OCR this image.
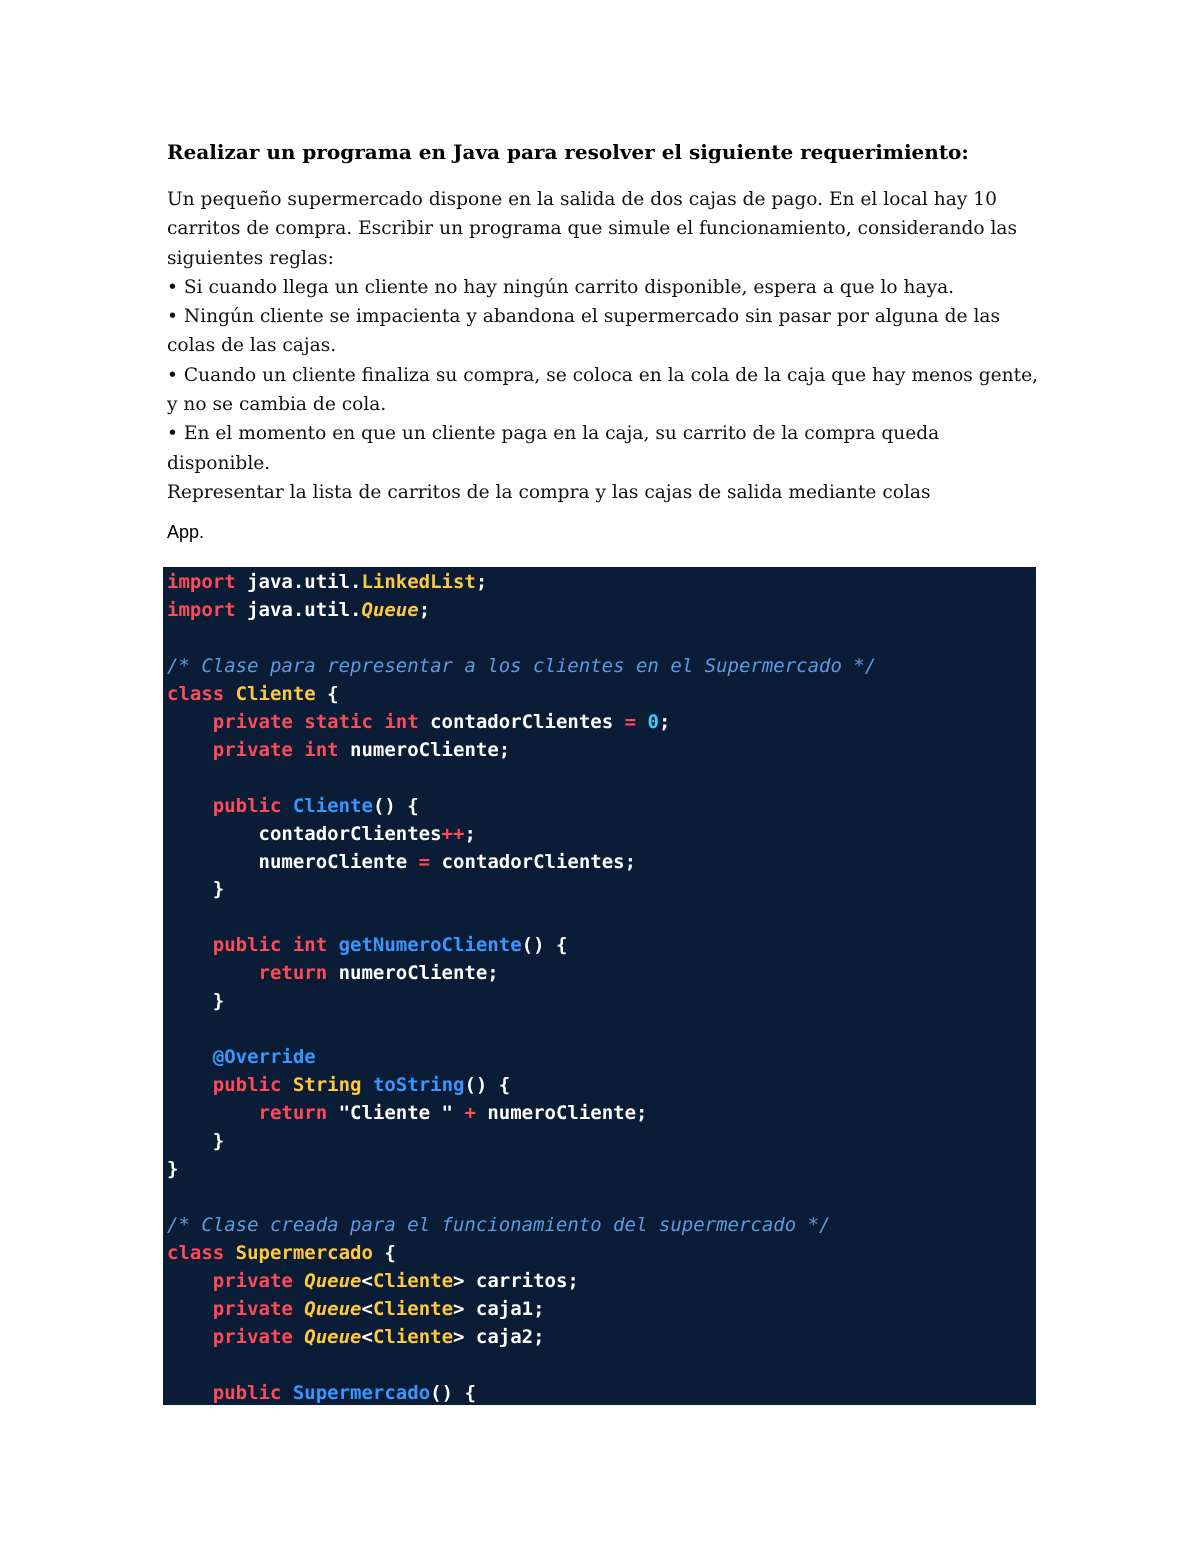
Realizar un programa en Java para resolver el siguiente requerimiento:

Un pequeño supermercado dispone en la salida de dos cajas de pago. En el local hay 10

carritos de compra. Escribir un programa que simule el funcionamiento, considerando las

siguientes reglas:

• Si cuando llega un cliente no hay ningún carrito disponible, espera a que lo haya.

• Ningún cliente se impacienta y abandona el supermercado sin pasar por alguna de las

colas de las cajas.

• Cuando un cliente finaliza su compra, se coloca en la cola de la caja que hay menos gente,

y no se cambia de cola.

• En el momento en que un cliente paga en la caja, su carrito de la compra queda

disponible.

Representar la lista de carritos de la compra y las cajas de salida mediante colas

App.
import java.util.LinkedList;
import java.util.Queue;

/* Clase para representar a los clientes en el Supermercado */
class Cliente {
private static int contadorClientes = 0;
private int numeroCliente;

public Cliente() {
contadorClientes++;
numeroCliente = contadorClientes;
}

public int getNumeroCliente() {
return numeroCliente;
}

@Override
public String toString() {
return "Cliente " + numeroCliente;
}
}

/* Clase creada para el funcionamiento del supermercado */
class Supermercado {
private Queue<Cliente> carritos;
private Queue<Cliente> caja1;
private Queue<Cliente> caja2;

public Supermercado() {
